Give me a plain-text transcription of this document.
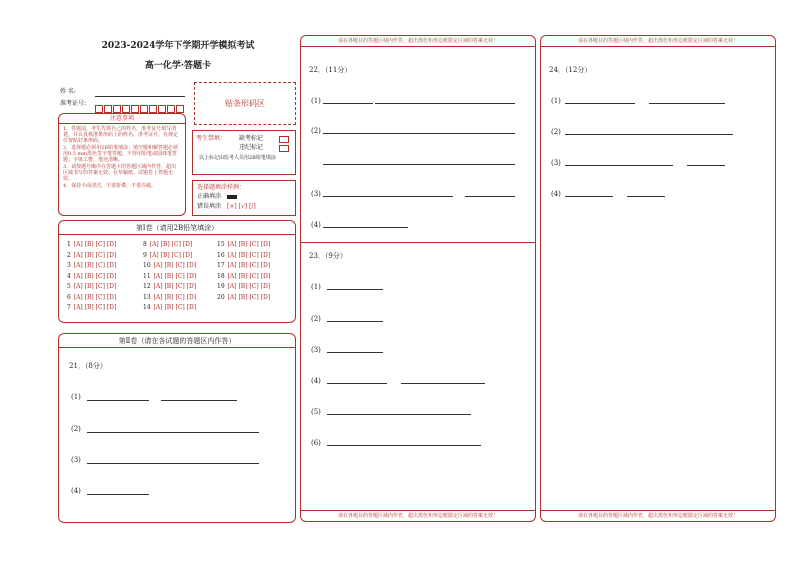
2023-2024学年下学期开学模拟考试
高一化学·答题卡
姓 名:
准考证号:	贴条形码区
注意事项
1．答题前，考生先将自己的姓名，准考证号填写清楚，并认真核准条形码上的姓名、准考证号，在规定位置贴好条形码。
2．选择题必须用2B铅笔填涂；填空题和解答题必须用0.5 mm黑色签字笔答题，不得用铅笔或圆珠笔答题；字体工整、笔迹清晰。
3．请按题号顺序在答题卡的答题区域内作答，超出区域书写的答案无效；在草稿纸、试题卷上答题无效。
4．保持卡面清洁，不要折叠、不要弄破。
考生禁填： 缺考标记
违纪标记
以上标记由监考人员用2B铅笔填涂
选择题填涂样例：
正确填涂
错误填涂 [×] [√] [/]
第Ⅰ卷（请用2B铅笔填涂）
1 [A] [B] [C] [D]
2 [A] [B] [C] [D]
3 [A] [B] [C] [D]
4 [A] [B] [C] [D]
5 [A] [B] [C] [D]
6 [A] [B] [C] [D]
7 [A] [B] [C] [D]
8 [A] [B] [C] [D]
9 [A] [B] [C] [D]
10 [A] [B] [C] [D]
11 [A] [B] [C] [D]
12 [A] [B] [C] [D]
13 [A] [B] [C] [D]
14 [A] [B] [C] [D]
15 [A] [B] [C] [D]
16 [A] [B] [C] [D]
17 [A] [B] [C] [D]
18 [A] [B] [C] [D]
19 [A] [B] [C] [D]
20 [A] [B] [C] [D]
第Ⅱ卷（请在各试题的答题区内作答）
21．（8分）
(1)
(2)
(3)
(4)
请在各题目的答题区域内作答，超出黑色矩形边框限定区域的答案无效！
22．（11分）
(1)
(2)
(3)
(4)
23．（9分）
(1)
(2)
(3)
(4)
(5)
(6)
请在各题目的答题区域内作答，超出黑色矩形边框限定区域的答案无效！
请在各题目的答题区域内作答，超出黑色矩形边框限定区域的答案无效！
24．（12分）
(1)
(2)
(3)
(4)
请在各题目的答题区域内作答，超出黑色矩形边框限定区域的答案无效！
